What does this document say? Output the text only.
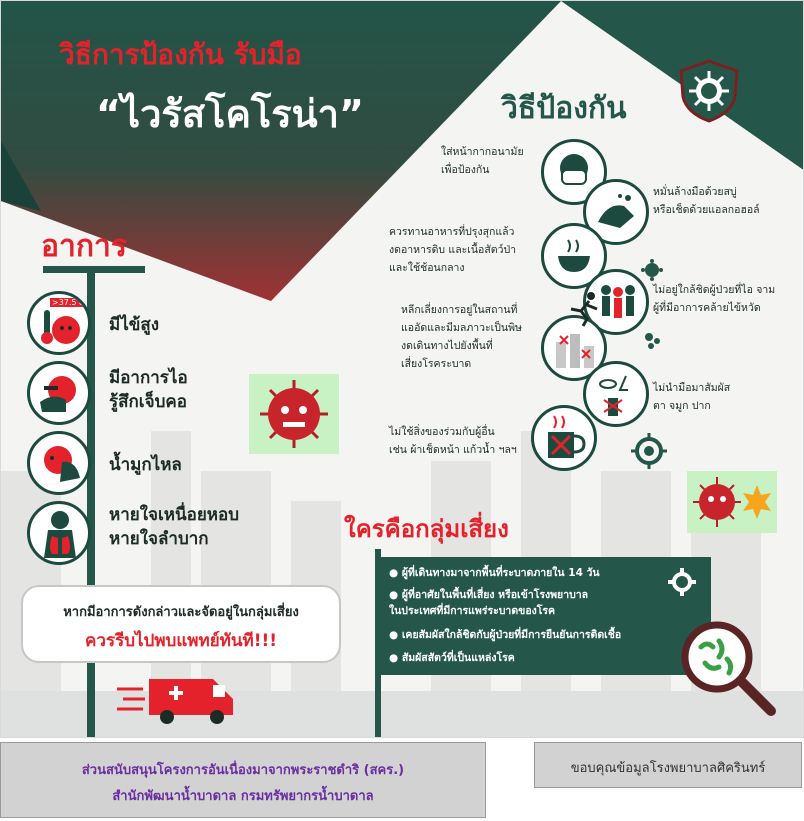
วิธีการป้องกัน รับมือ
“ไวรัสโคโรน่า”	วิธีป้องกัน
อาการ
>37.5 c
มีไข้สูง
มีอาการไอ
รู้สึกเจ็บคอ
น้ำมูกไหล
หายใจเหนื่อยหอบ
หายใจลำบาก
ใส่หน้ากากอนามัย
เพื่อป้องกัน
หมั่นล้างมือด้วยสบู่
หรือเช็ดด้วยแอลกอฮอล์
ควรทานอาหารที่ปรุงสุกแล้ว
งดอาหารดิบ และเนื้อสัตว์ป่า
และใช้ช้อนกลาง
ไม่อยู่ใกล้ชิดผู้ป่วยที่ไอ จาม
ผู้ที่มีอาการคล้ายไข้หวัด
หลีกเลี่ยงการอยู่ในสถานที่
แออัดและมีมลภาวะเป็นพิษ
งดเดินทางไปยังพื้นที่
เสี่ยงโรคระบาด
ไม่นำมือมาสัมผัส
ตา จมูก ปาก
ไม่ใช้สิ่งของร่วมกับผู้อื่น
เช่น ผ้าเช็ดหน้า แก้วน้ำ ฯลฯ
ใครคือกลุ่มเสี่ยง
● ผู้ที่เดินทางมาจากพื้นที่ระบาดภายใน 14 วัน
● ผู้ที่อาศัยในพื้นที่เสี่ยง หรือเข้าโรงพยาบาล
ในประเทศที่มีการแพร่ระบาดของโรค
● เคยสัมผัสใกล้ชิดกับผู้ป่วยที่มีการยืนยันการติดเชื้อ
● สัมผัสสัตว์ที่เป็นแหล่งโรค
หากมีอาการดังกล่าวและจัดอยู่ในกลุ่มเสี่ยง
ควรรีบไปพบแพทย์ทันที!!!
ส่วนสนับสนุนโครงการอันเนื่องมาจากพระราชดำริ (สคร.)
สำนักพัฒนาน้ำบาดาล กรมทรัพยากรน้ำบาดาล
ขอบคุณข้อมูลโรงพยาบาลศิครินทร์
